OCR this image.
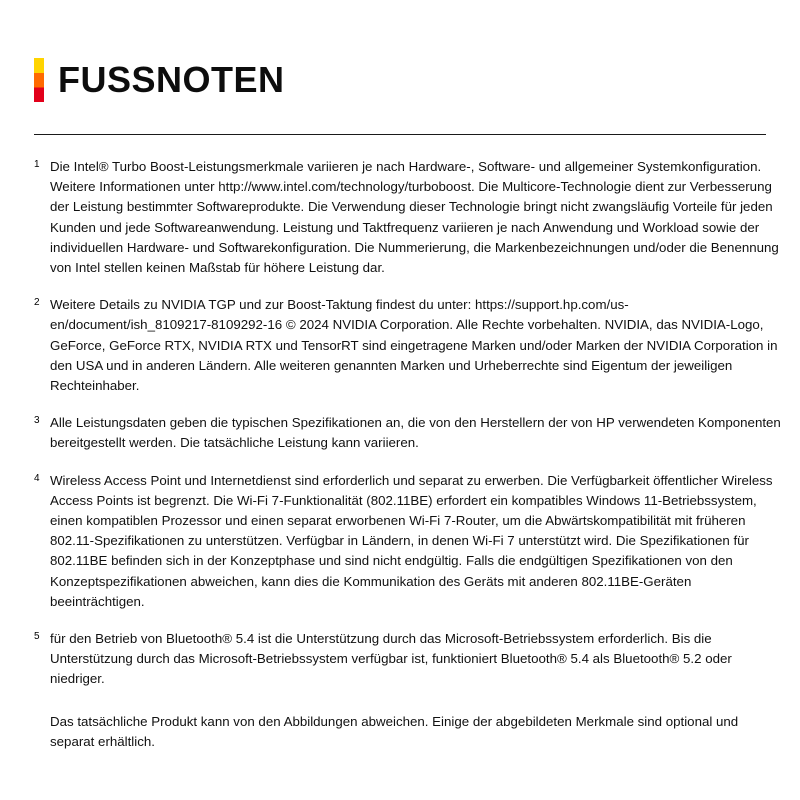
FUSSNOTEN
1 Die Intel® Turbo Boost-Leistungsmerkmale variieren je nach Hardware-, Software- und allgemeiner Systemkonfiguration. Weitere Informationen unter http://www.intel.com/technology/turboboost. Die Multicore-Technologie dient zur Verbesserung der Leistung bestimmter Softwareprodukte. Die Verwendung dieser Technologie bringt nicht zwangsläufig Vorteile für jeden Kunden und jede Softwareanwendung. Leistung und Taktfrequenz variieren je nach Anwendung und Workload sowie der individuellen Hardware- und Softwarekonfiguration. Die Nummerierung, die Markenbezeichnungen und/oder die Benennung von Intel stellen keinen Maßstab für höhere Leistung dar.
2 Weitere Details zu NVIDIA TGP und zur Boost-Taktung findest du unter: https://support.hp.com/us-en/document/ish_8109217-8109292-16 © 2024 NVIDIA Corporation. Alle Rechte vorbehalten. NVIDIA, das NVIDIA-Logo, GeForce, GeForce RTX, NVIDIA RTX und TensorRT sind eingetragene Marken und/oder Marken der NVIDIA Corporation in den USA und in anderen Ländern. Alle weiteren genannten Marken und Urheberrechte sind Eigentum der jeweiligen Rechteinhaber.
3 Alle Leistungsdaten geben die typischen Spezifikationen an, die von den Herstellern der von HP verwendeten Komponenten bereitgestellt werden. Die tatsächliche Leistung kann variieren.
4 Wireless Access Point und Internetdienst sind erforderlich und separat zu erwerben. Die Verfügbarkeit öffentlicher Wireless Access Points ist begrenzt. Die Wi-Fi 7-Funktionalität (802.11BE) erfordert ein kompatibles Windows 11-Betriebssystem, einen kompatiblen Prozessor und einen separat erworbenen Wi-Fi 7-Router, um die Abwärtskompatibilität mit früheren 802.11-Spezifikationen zu unterstützen. Verfügbar in Ländern, in denen Wi-Fi 7 unterstützt wird. Die Spezifikationen für 802.11BE befinden sich in der Konzeptphase und sind nicht endgültig. Falls die endgültigen Spezifikationen von den Konzeptspezifikationen abweichen, kann dies die Kommunikation des Geräts mit anderen 802.11BE-Geräten beeinträchtigen.
5 für den Betrieb von Bluetooth® 5.4 ist die Unterstützung durch das Microsoft-Betriebssystem erforderlich. Bis die Unterstützung durch das Microsoft-Betriebssystem verfügbar ist, funktioniert Bluetooth® 5.4 als Bluetooth® 5.2 oder niedriger.
Das tatsächliche Produkt kann von den Abbildungen abweichen. Einige der abgebildeten Merkmale sind optional und separat erhältlich.
